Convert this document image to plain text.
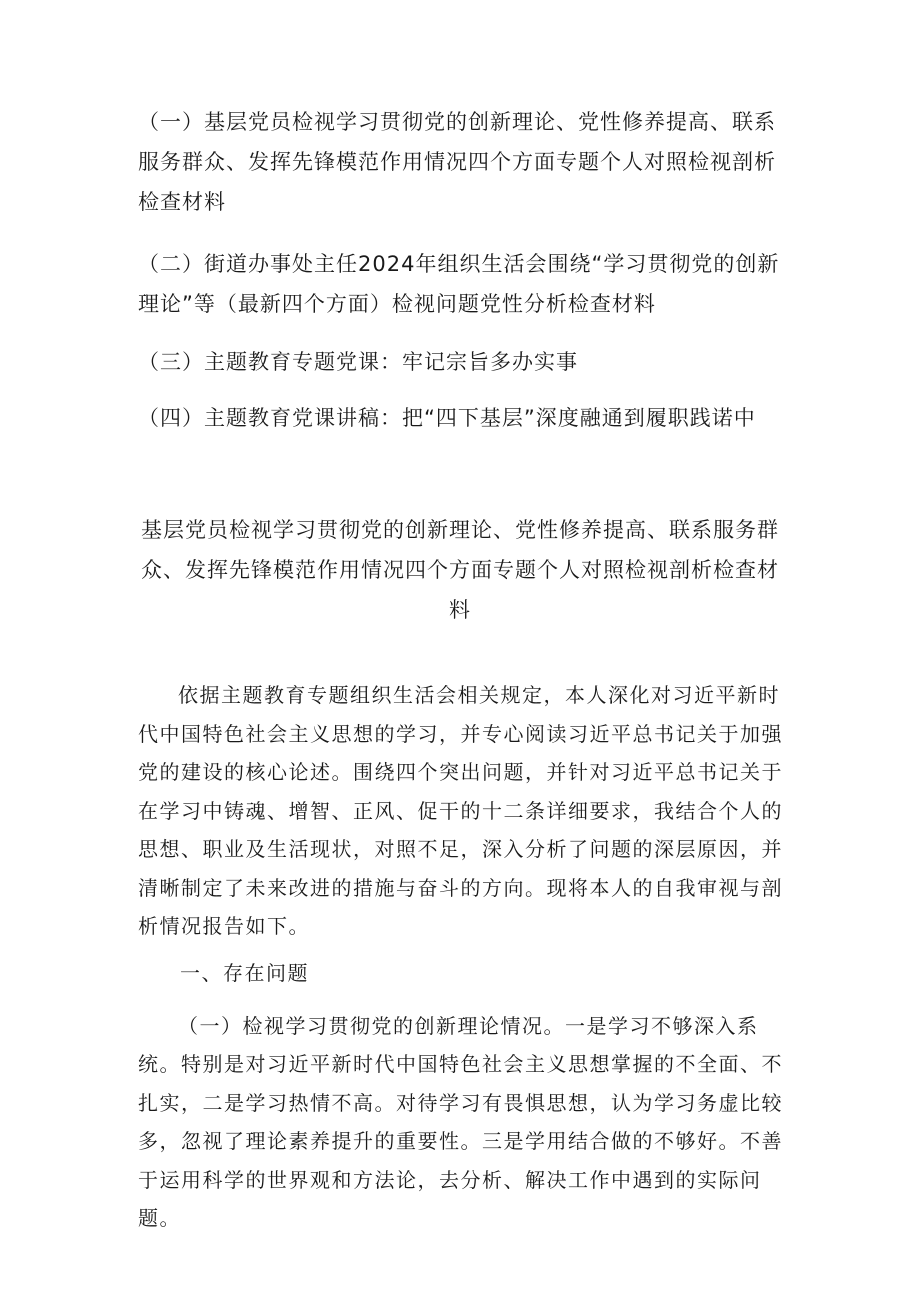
（一）基层党员检视学习贯彻党的创新理论、党性修养提高、联系服务群众、发挥先锋模范作用情况四个方面专题个人对照检视剖析检查材料

（二）街道办事处主任2024年组织生活会围绕“学习贯彻党的创新理论”等（最新四个方面）检视问题党性分析检查材料

（三）主题教育专题党课：牢记宗旨多办实事

（四）主题教育党课讲稿：把“四下基层”深度融通到履职践诺中

基层党员检视学习贯彻党的创新理论、党性修养提高、联系服务群众、发挥先锋模范作用情况四个方面专题个人对照检视剖析检查材料

依据主题教育专题组织生活会相关规定，本人深化对习近平新时代中国特色社会主义思想的学习，并专心阅读习近平总书记关于加强党的建设的核心论述。围绕四个突出问题，并针对习近平总书记关于在学习中铸魂、增智、正风、促干的十二条详细要求，我结合个人的思想、职业及生活现状，对照不足，深入分析了问题的深层原因，并清晰制定了未来改进的措施与奋斗的方向。现将本人的自我审视与剖析情况报告如下。

一、存在问题

（一）检视学习贯彻党的创新理论情况。一是学习不够深入系统。特别是对习近平新时代中国特色社会主义思想掌握的不全面、不扎实，二是学习热情不高。对待学习有畏惧思想，认为学习务虚比较多，忽视了理论素养提升的重要性。三是学用结合做的不够好。不善于运用科学的世界观和方法论，去分析、解决工作中遇到的实际问题。
